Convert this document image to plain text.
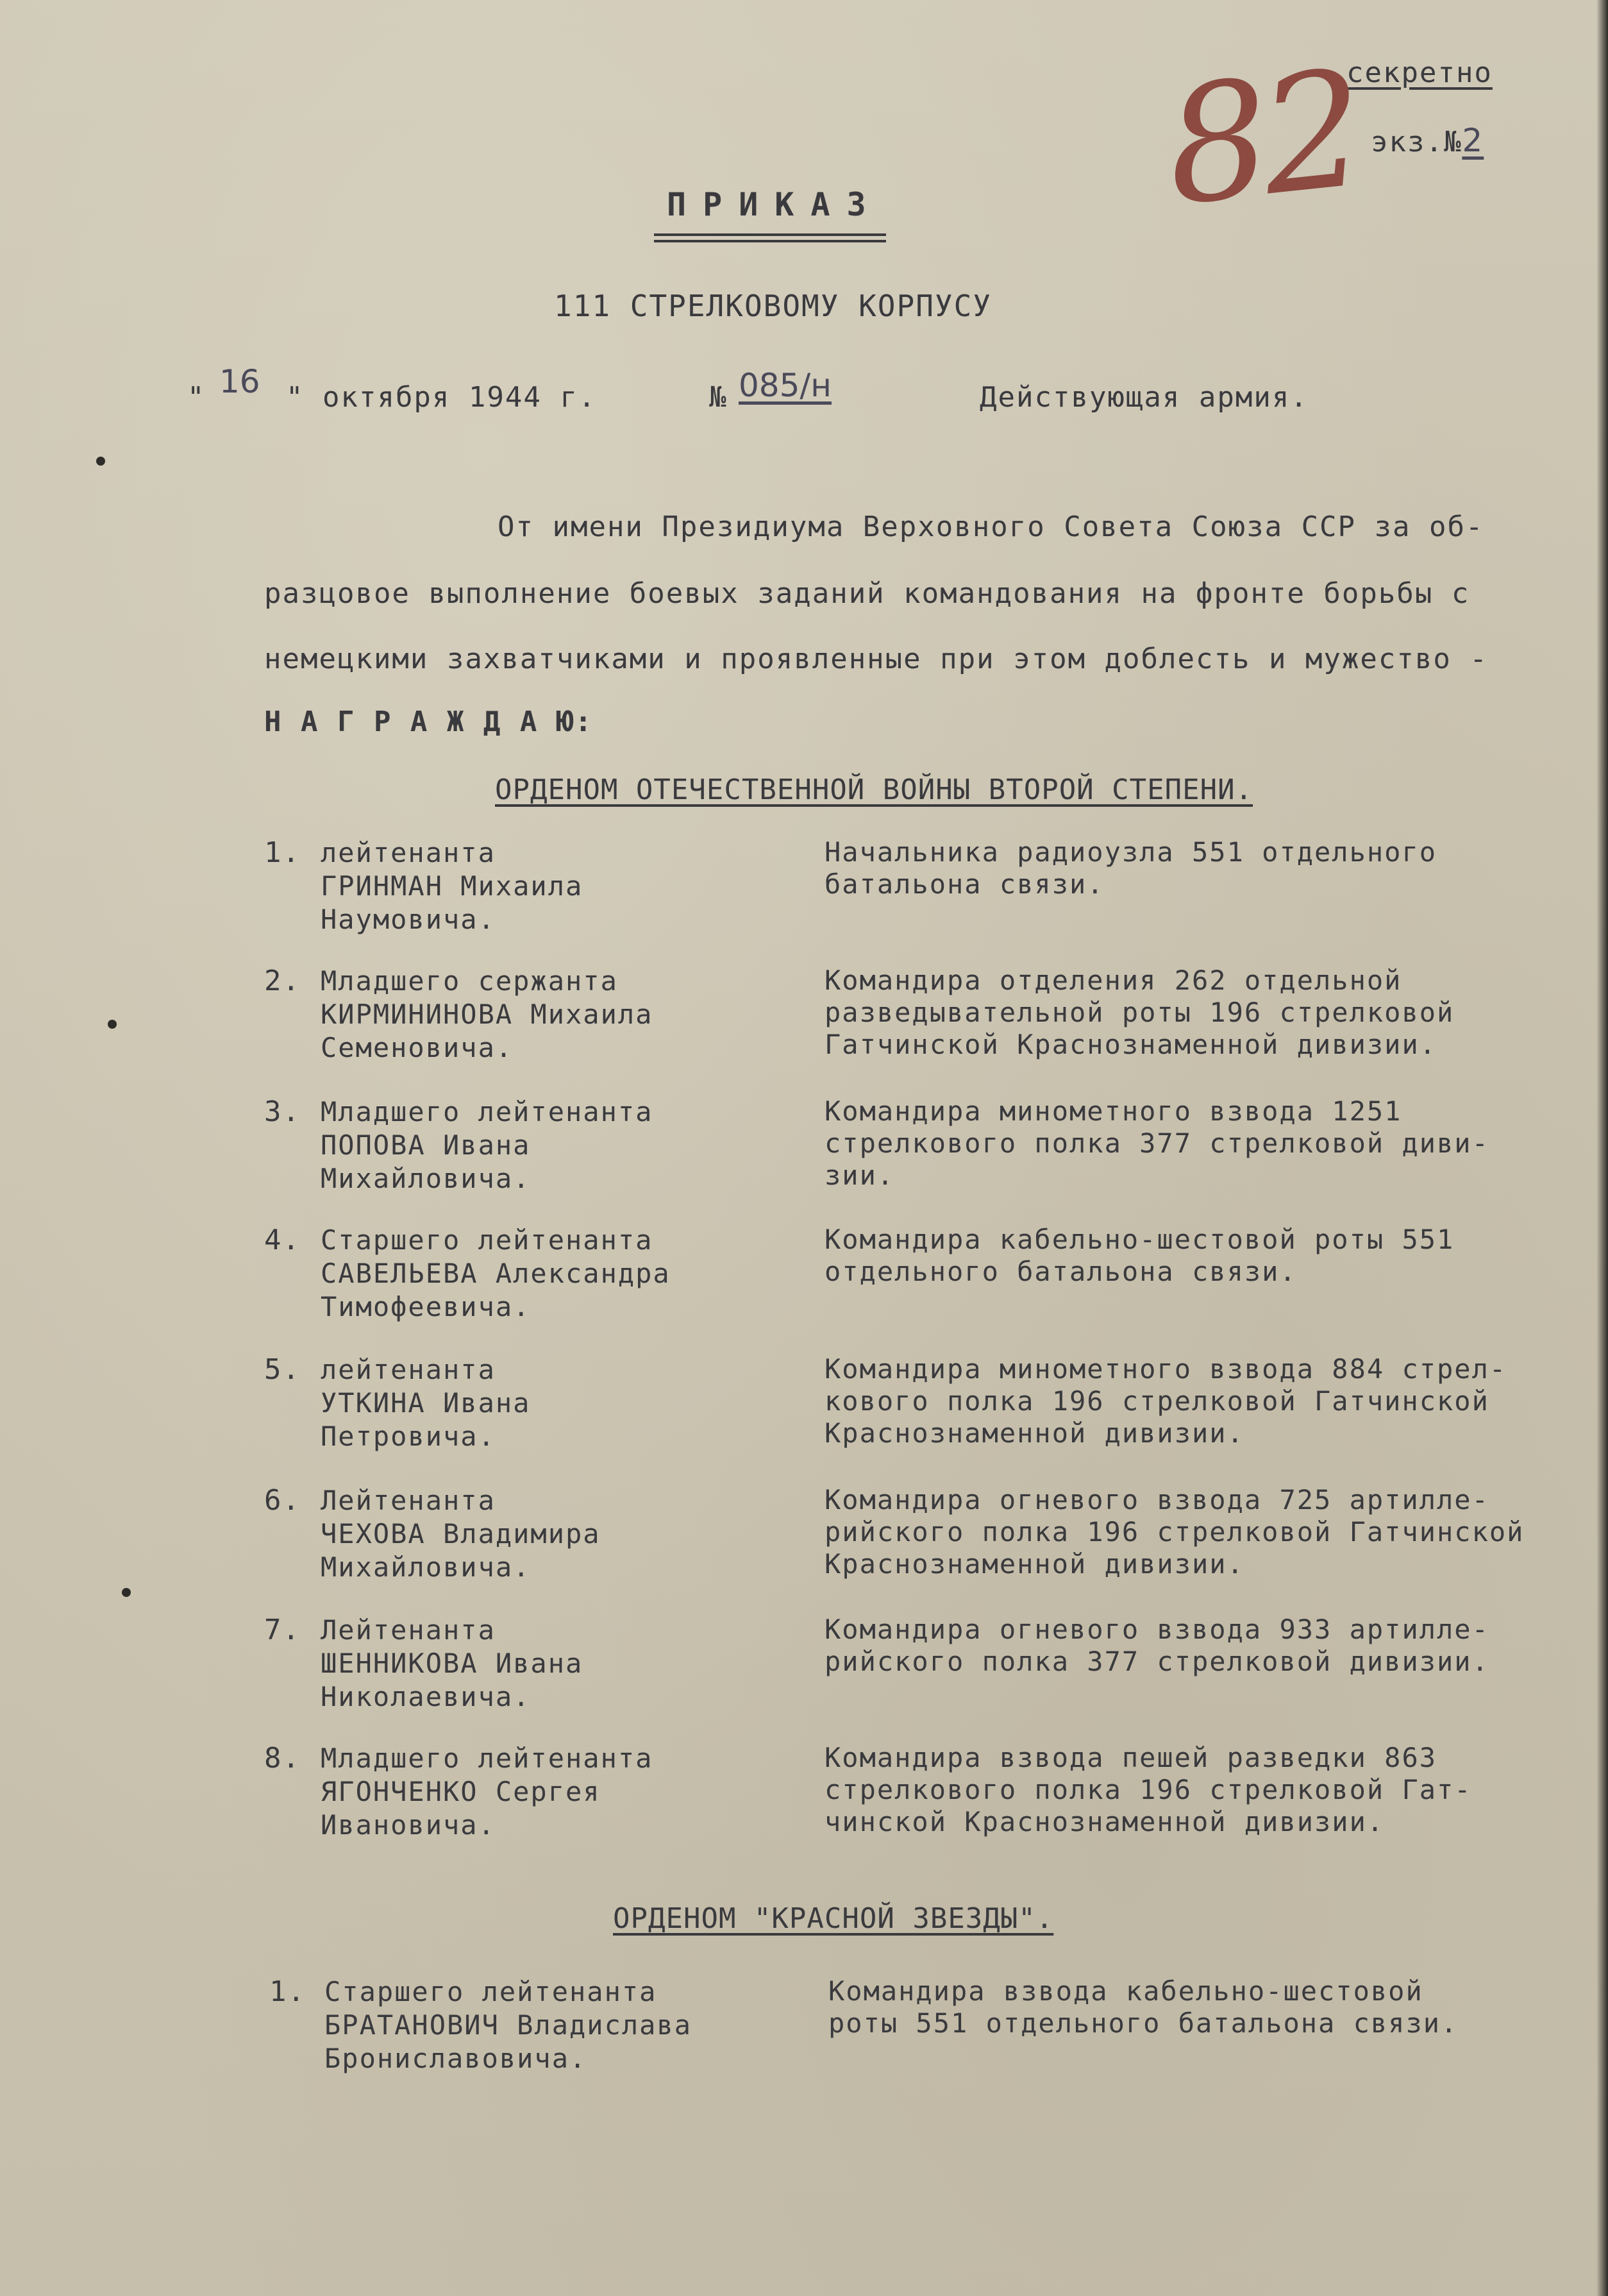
секретно
экз.№2
82
ПРИКАЗ
111 СТРЕЛКОВОМУ КОРПУСУ
" 16 " октября 1944 г.	№ 085/н	Действующая армия.
От имени Президиума Верховного Совета Союза ССР за об-
разцовое выполнение боевых заданий командования на фронте борьбы с
немецкими захватчиками и проявленные при этом доблесть и мужество -
Н А Г Р А Ж Д А Ю:
ОРДЕНОМ ОТЕЧЕСТВЕННОЙ ВОЙНЫ ВТОРОЙ СТЕПЕНИ.
1. лейтенанта
ГРИНМАН Михаила
Наумовича.
Начальника радиоузла 551 отдельного
батальона связи.
2. Младшего сержанта
КИРМИНИНОВА Михаила
Семеновича.
Командира отделения 262 отдельной
разведывательной роты 196 стрелковой
Гатчинской Краснознаменной дивизии.
3. Младшего лейтенанта
ПОПОВА Ивана
Михайловича.
Командира минометного взвода 1251
стрелкового полка 377 стрелковой диви-
зии.
4. Старшего лейтенанта
САВЕЛЬЕВА Александра
Тимофеевича.
Командира кабельно-шестовой роты 551
отдельного батальона связи.
5. лейтенанта
УТКИНА Ивана
Петровича.
Командира минометного взвода 884 стрел-
кового полка 196 стрелковой Гатчинской
Краснознаменной дивизии.
6. Лейтенанта
ЧЕХОВА Владимира
Михайловича.
Командира огневого взвода 725 артилле-
рийского полка 196 стрелковой Гатчинской
Краснознаменной дивизии.
7. Лейтенанта
ШЕННИКОВА Ивана
Николаевича.
Командира огневого взвода 933 артилле-
рийского полка 377 стрелковой дивизии.
8. Младшего лейтенанта
ЯГОНЧЕНКО Сергея
Ивановича.
Командира взвода пешей разведки 863
стрелкового полка 196 стрелковой Гат-
чинской Краснознаменной дивизии.
ОРДЕНОМ "КРАСНОЙ ЗВЕЗДЫ".
1. Старшего лейтенанта
БРАТАНОВИЧ Владислава
Брониславовича.
Командира взвода кабельно-шестовой
роты 551 отдельного батальона связи.
